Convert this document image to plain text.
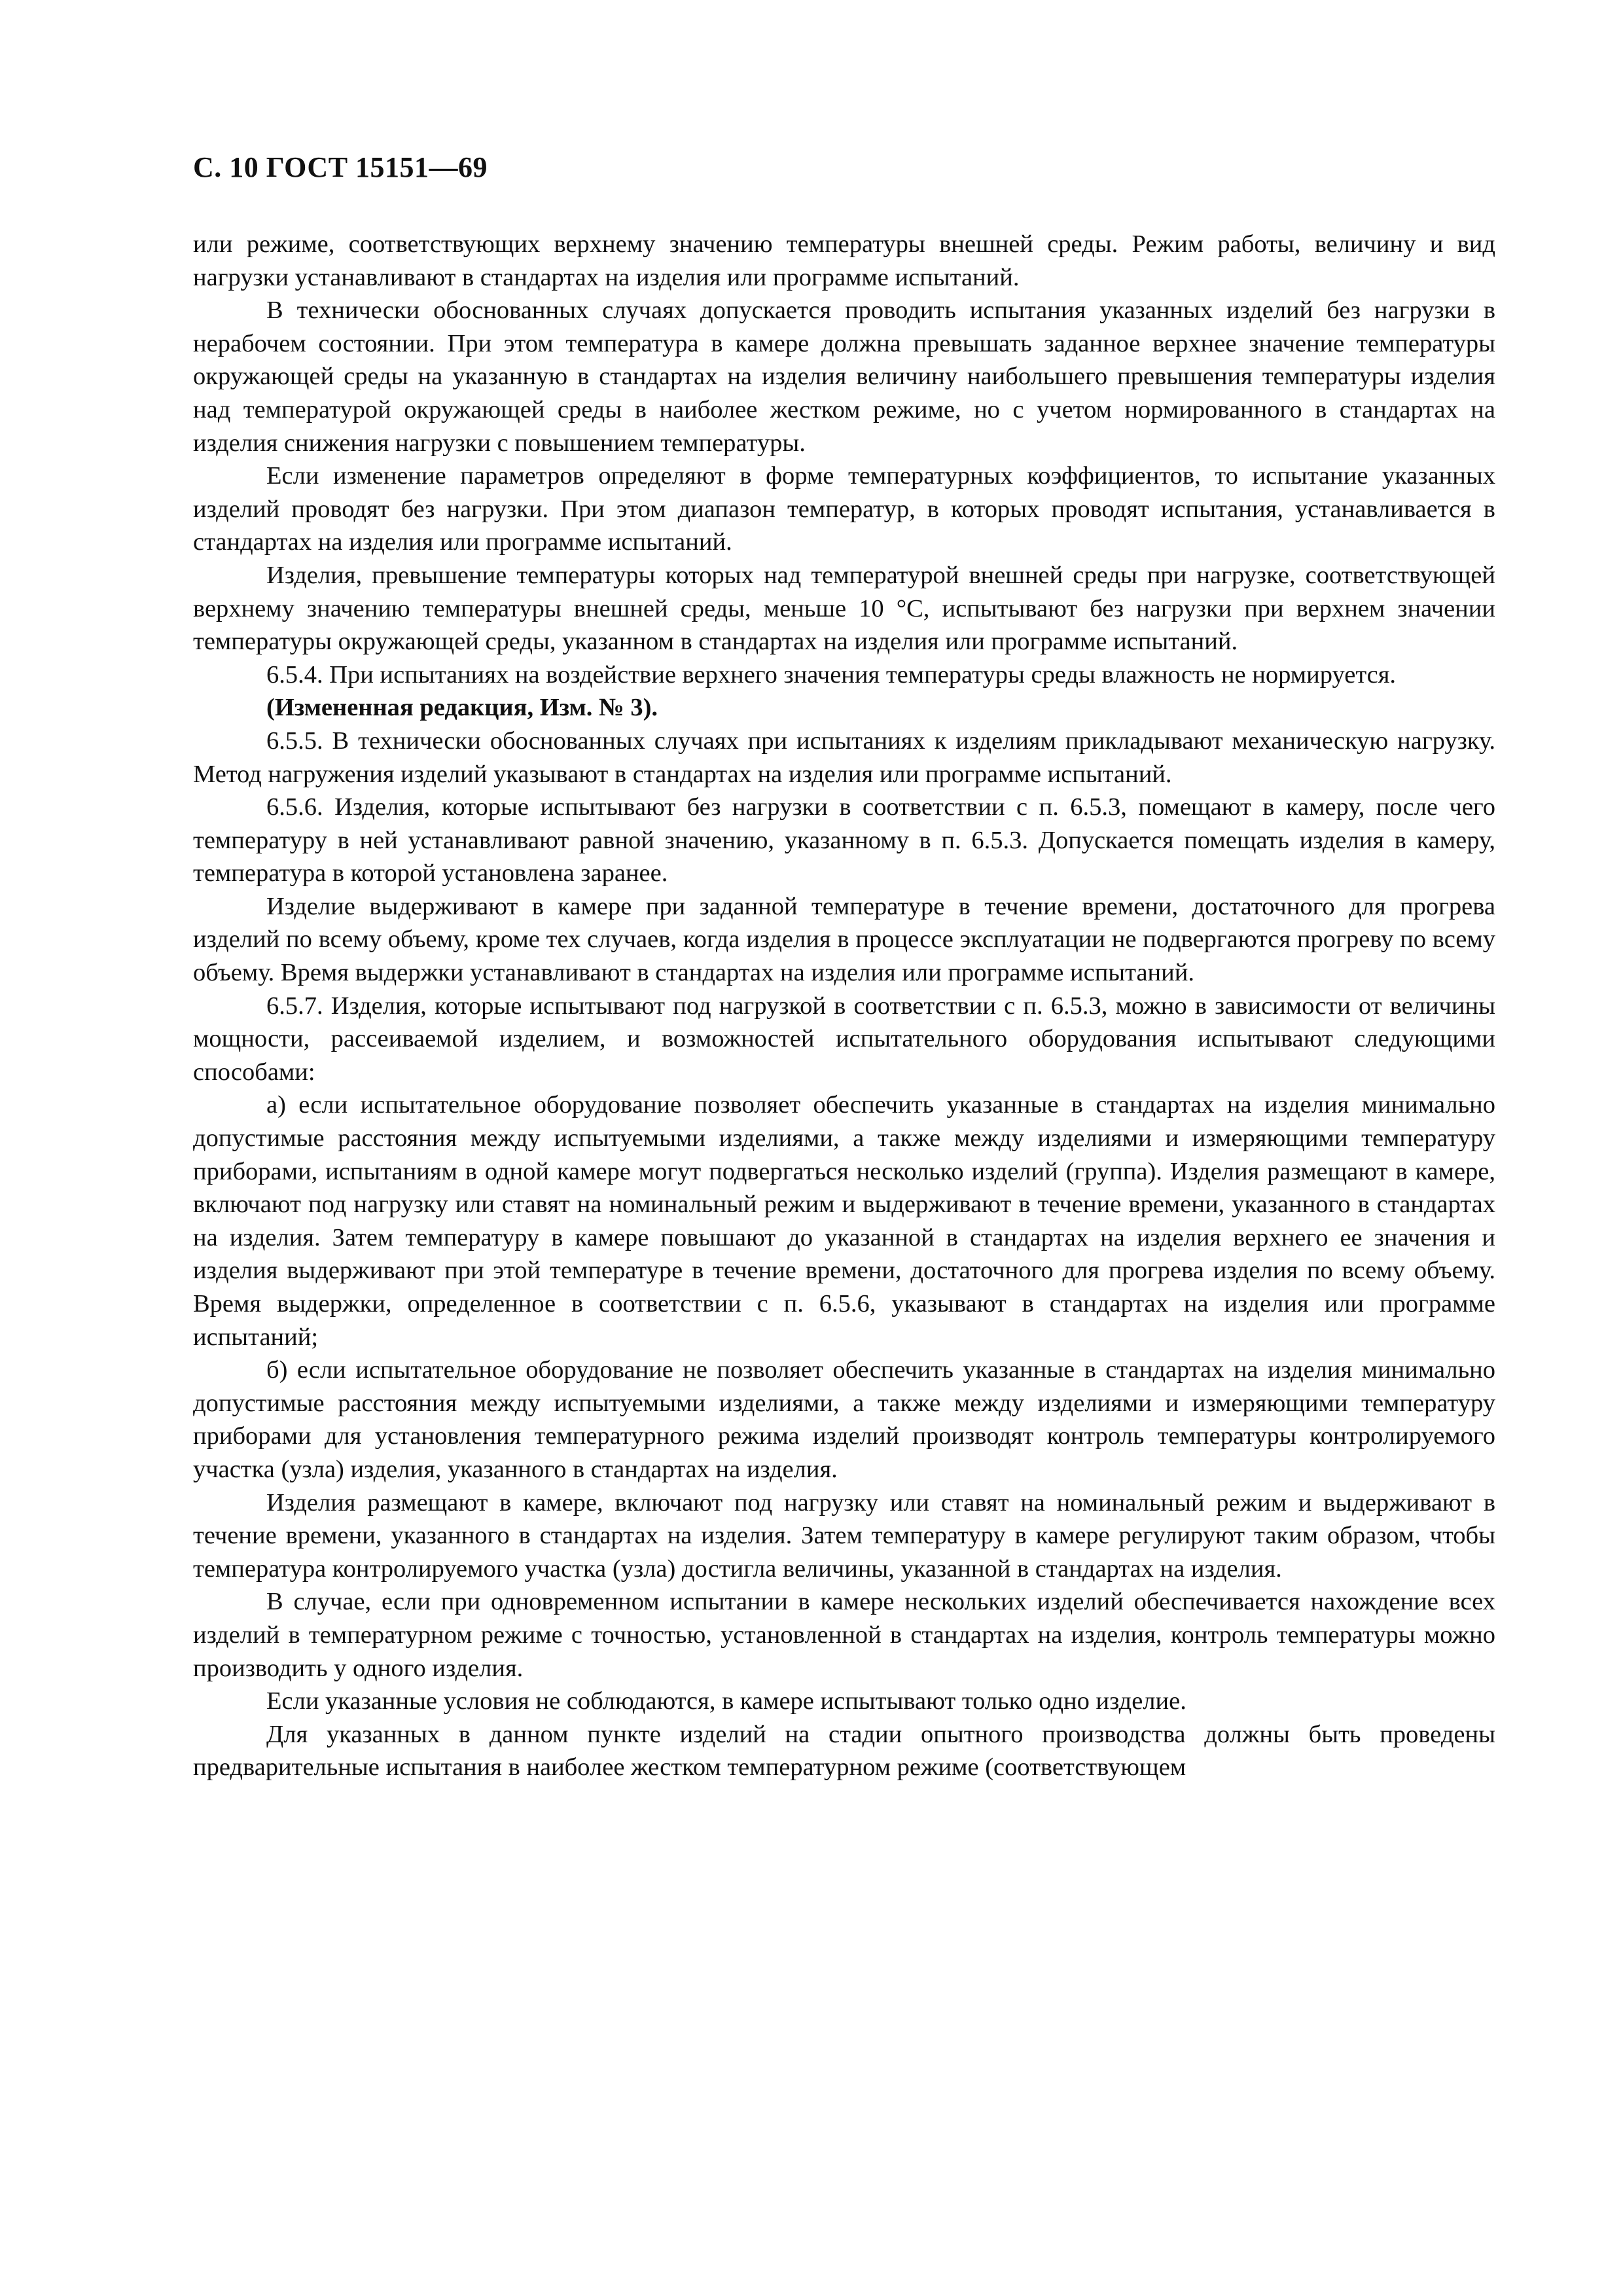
С. 10 ГОСТ 15151—69

или режиме, соответствующих верхнему значению температуры внешней среды. Режим работы, величину и вид нагрузки устанавливают в стандартах на изделия или программе испытаний.

В технически обоснованных случаях допускается проводить испытания указанных изделий без нагрузки в нерабочем состоянии. При этом температура в камере должна превышать заданное верхнее значение температуры окружающей среды на указанную в стандартах на изделия величину наибольшего превышения температуры изделия над температурой окружающей среды в наиболее жестком режиме, но с учетом нормированного в стандартах на изделия снижения нагрузки с повышением температуры.

Если изменение параметров определяют в форме температурных коэффициентов, то испытание указанных изделий проводят без нагрузки. При этом диапазон температур, в которых проводят испытания, устанавливается в стандартах на изделия или программе испытаний.

Изделия, превышение температуры которых над температурой внешней среды при нагрузке, соответствующей верхнему значению температуры внешней среды, меньше 10 °С, испытывают без нагрузки при верхнем значении температуры окружающей среды, указанном в стандартах на изделия или программе испытаний.

6.5.4. При испытаниях на воздействие верхнего значения температуры среды влажность не нормируется.

(Измененная редакция, Изм. № 3).

6.5.5. В технически обоснованных случаях при испытаниях к изделиям прикладывают механическую нагрузку. Метод нагружения изделий указывают в стандартах на изделия или программе испытаний.

6.5.6. Изделия, которые испытывают без нагрузки в соответствии с п. 6.5.3, помещают в камеру, после чего температуру в ней устанавливают равной значению, указанному в п. 6.5.3. Допускается помещать изделия в камеру, температура в которой установлена заранее.

Изделие выдерживают в камере при заданной температуре в течение времени, достаточного для прогрева изделий по всему объему, кроме тех случаев, когда изделия в процессе эксплуатации не подвергаются прогреву по всему объему. Время выдержки устанавливают в стандартах на изделия или программе испытаний.

6.5.7. Изделия, которые испытывают под нагрузкой в соответствии с п. 6.5.3, можно в зависимости от величины мощности, рассеиваемой изделием, и возможностей испытательного оборудования испытывают следующими способами:

а) если испытательное оборудование позволяет обеспечить указанные в стандартах на изделия минимально допустимые расстояния между испытуемыми изделиями, а также между изделиями и измеряющими температуру приборами, испытаниям в одной камере могут подвергаться несколько изделий (группа). Изделия размещают в камере, включают под нагрузку или ставят на номинальный режим и выдерживают в течение времени, указанного в стандартах на изделия. Затем температуру в камере повышают до указанной в стандартах на изделия верхнего ее значения и изделия выдерживают при этой температуре в течение времени, достаточного для прогрева изделия по всему объему. Время выдержки, определенное в соответствии с п. 6.5.6, указывают в стандартах на изделия или программе испытаний;

б) если испытательное оборудование не позволяет обеспечить указанные в стандартах на изделия минимально допустимые расстояния между испытуемыми изделиями, а также между изделиями и измеряющими температуру приборами для установления температурного режима изделий производят контроль температуры контролируемого участка (узла) изделия, указанного в стандартах на изделия.

Изделия размещают в камере, включают под нагрузку или ставят на номинальный режим и выдерживают в течение времени, указанного в стандартах на изделия. Затем температуру в камере регулируют таким образом, чтобы температура контролируемого участка (узла) достигла величины, указанной в стандартах на изделия.

В случае, если при одновременном испытании в камере нескольких изделий обеспечивается нахождение всех изделий в температурном режиме с точностью, установленной в стандартах на изделия, контроль температуры можно производить у одного изделия.

Если указанные условия не соблюдаются, в камере испытывают только одно изделие.

Для указанных в данном пункте изделий на стадии опытного производства должны быть проведены предварительные испытания в наиболее жестком температурном режиме (соответствующем
